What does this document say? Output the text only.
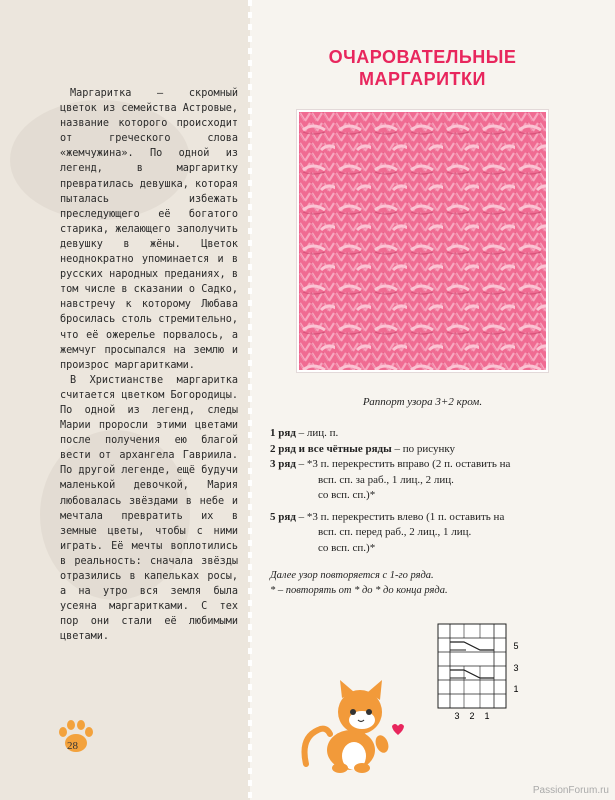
Маргаритка – скромный цветок из семейства Астровые, название которого происходит от греческого слова «жемчужина». По одной из легенд, в маргаритку превратилась девушка, которая пыталась избежать преследующего её богатого старика, желающего заполучить девушку в жёны. Цветок неоднократно упоминается и в русских народных преданиях, в том числе в сказании о Садко, навстречу к которому Любава бросилась столь стремительно, что её ожерелье порвалось, а жемчуг просыпался на землю и произрос маргаритками.

В Христианстве маргаритка считается цветком Богородицы. По одной из легенд, следы Марии проросли этими цветами после получения ею благой вести от архангела Гавриила. По другой легенде, ещё будучи маленькой девочкой, Мария любовалась звёздами в небе и мечтала превратить их в земные цветы, чтобы с ними играть. Её мечты воплотились в реальность: сначала звёзды отразились в капельках росы, а на утро вся земля была усеяна маргаритками. С тех пор они стали её любимыми цветами.

28
ОЧАРОВАТЕЛЬНЫЕ
МАРГАРИТКИ
Раппорт узора 3+2 кром.

1 ряд – лиц. п.

2 ряд и все чётные ряды – по рисунку

3 ряд – *3 п. перекрестить вправо (2 п. оставить на

всп. сп. за раб., 1 лиц., 2 лиц.

со всп. сп.)*

5 ряд – *3 п. перекрестить влево (1 п. оставить на

всп. сп. перед раб., 2 лиц., 1 лиц.

со всп. сп.)*

Далее узор повторяется с 1-го ряда.
* – повторять от * до * до конца ряда.
5
3
1
3 2 1
PassionForum.ru
